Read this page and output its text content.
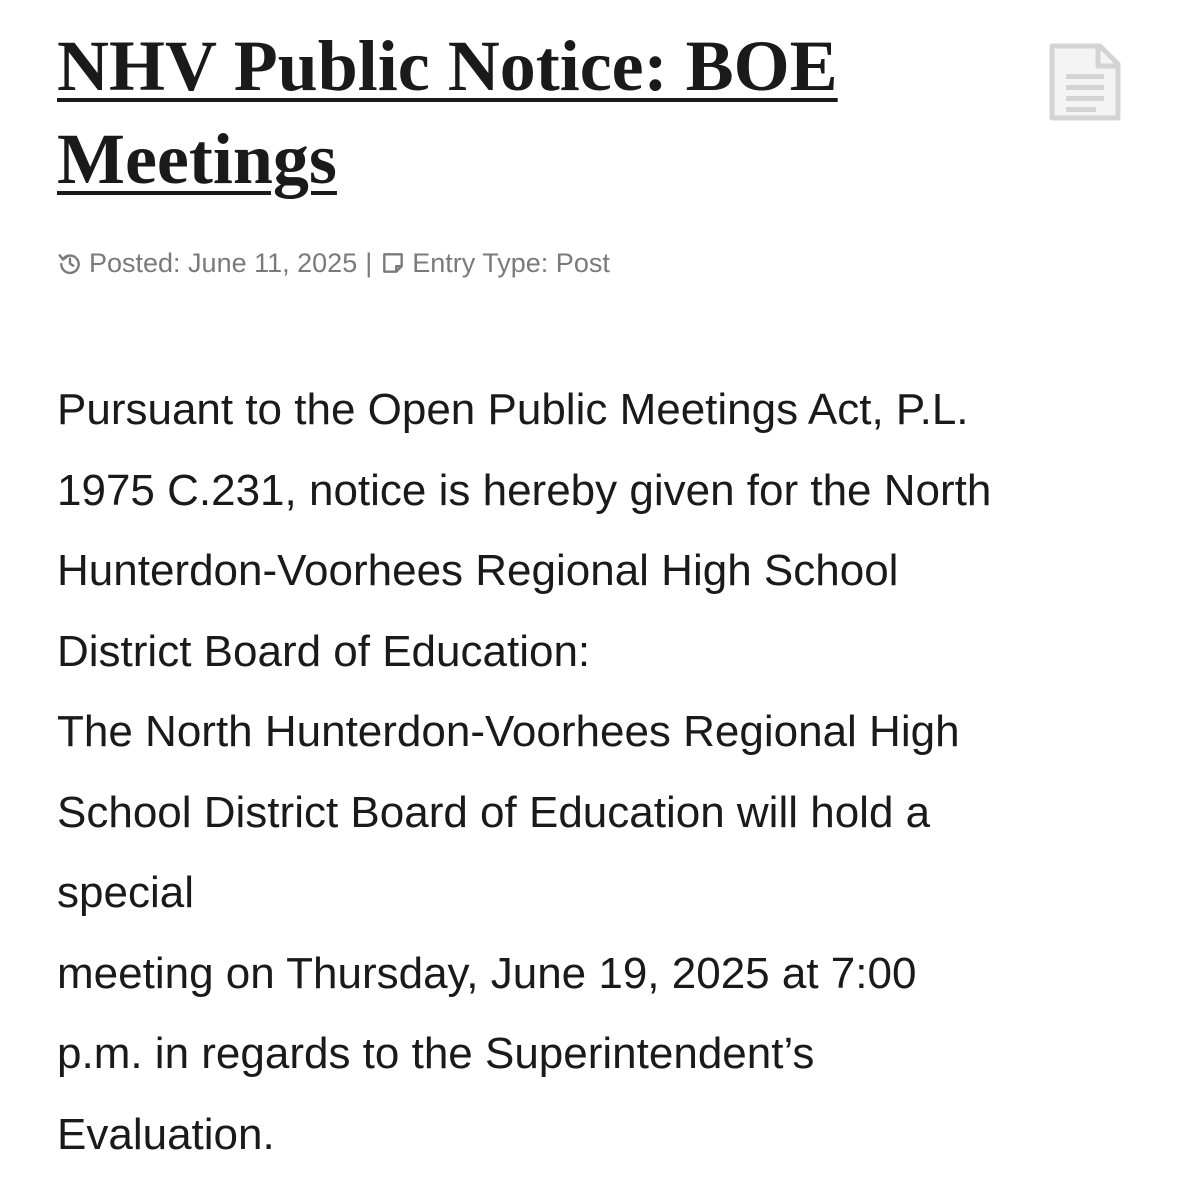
NHV Public Notice: BOE Meetings
Posted: June 11, 2025 | Entry Type: Post
Pursuant to the Open Public Meetings Act, P.L.
1975 C.231, notice is hereby given for the North
Hunterdon-Voorhees Regional High School
District Board of Education:
The North Hunterdon-Voorhees Regional High
School District Board of Education will hold a
special
meeting on Thursday, June 19, 2025 at 7:00
p.m. in regards to the Superintendent’s
Evaluation.
